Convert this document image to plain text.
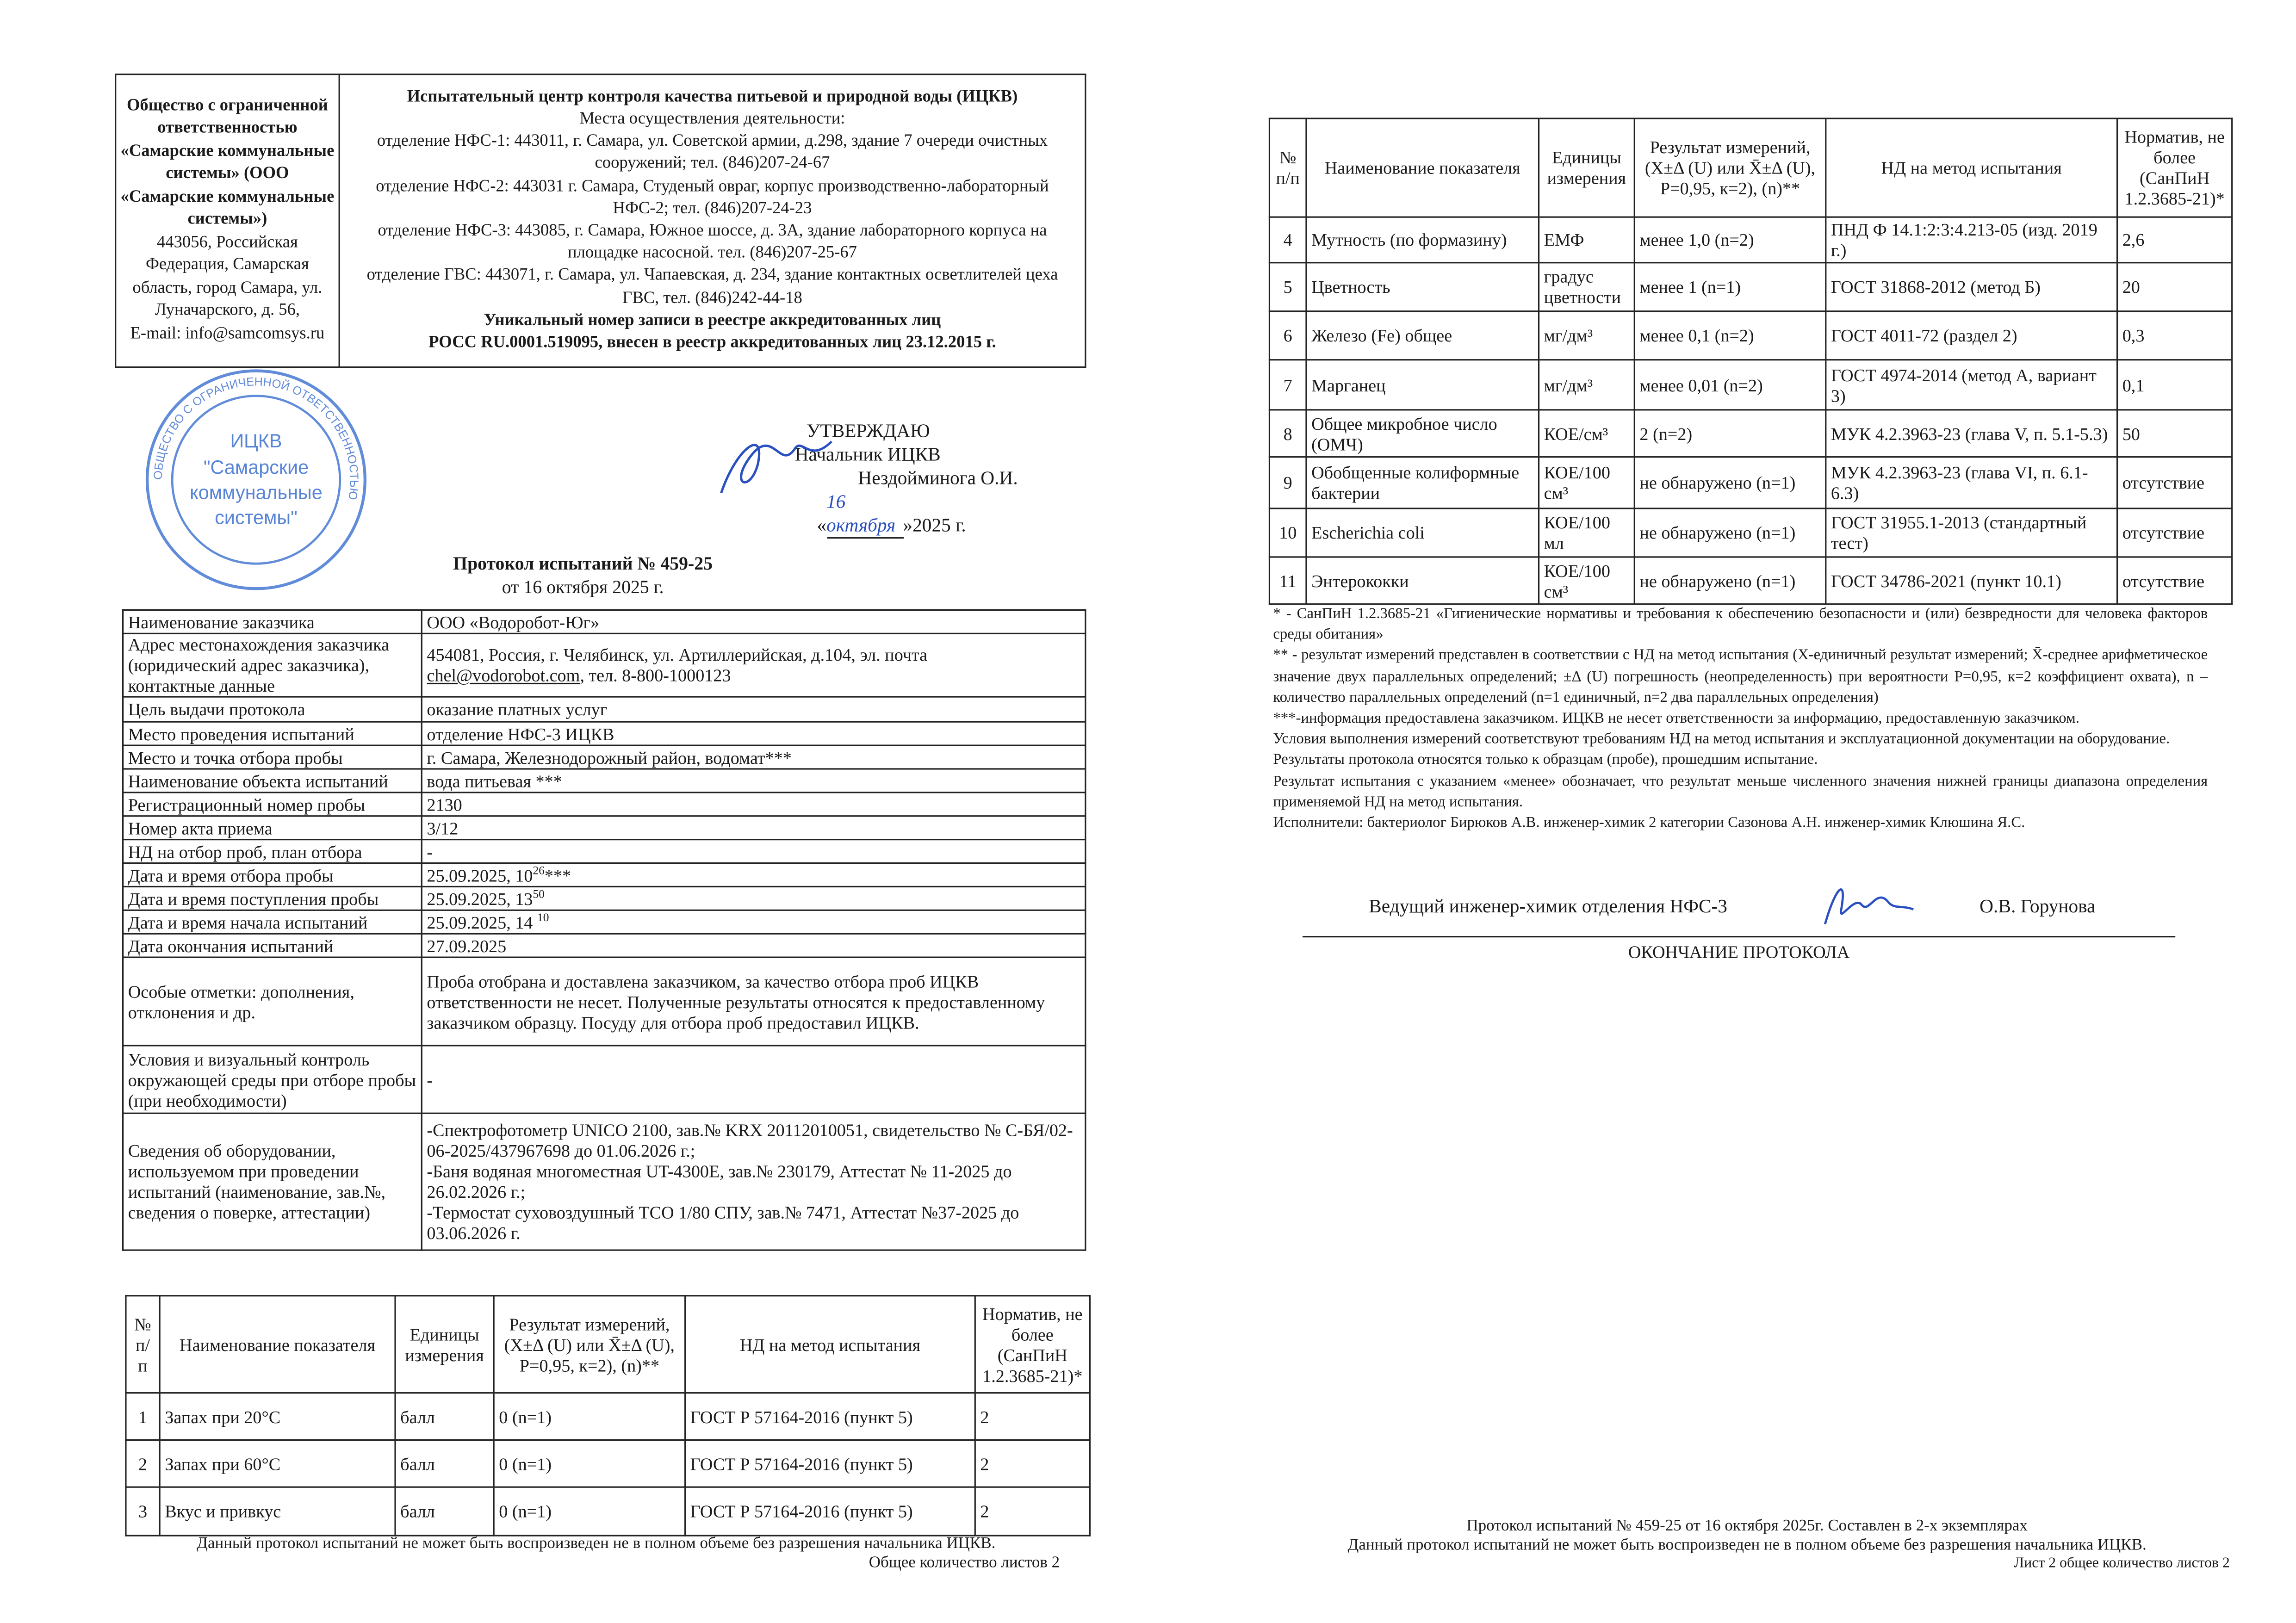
Общество с ограниченной ответственностью «Самарские коммунальные системы» (ООО «Самарские коммунальные системы»)
443056, Российская Федерация, Самарская область, город Самара, ул. Луначарского, д. 56,
E-mail: info@samcomsys.ru

Испытательный центр контроля качества питьевой и природной воды (ИЦКВ)
Места осуществления деятельности:
отделение НФС-1: 443011, г. Самара, ул. Советской армии, д.298, здание 7 очереди очистных сооружений; тел. (846)207-24-67
отделение НФС-2: 443031 г. Самара, Студеный овраг, корпус производственно-лабораторный НФС-2; тел. (846)207-24-23
отделение НФС-3: 443085, г. Самара, Южное шоссе, д. 3А, здание лабораторного корпуса на площадке насосной. тел. (846)207-25-67
отделение ГВС: 443071, г. Самара, ул. Чапаевская, д. 234, здание контактных осветлителей цеха ГВС, тел. (846)242-44-18
Уникальный номер записи в реестре аккредитованных лиц
РОСС RU.0001.519095, внесен в реестр аккредитованных лиц 23.12.2015 г.
ОБЩЕСТВО С ОГРАНИЧЕННОЙ ОТВЕТСТВЕННОСТЬЮ
ИЦКВ
"Самарские
коммунальные
системы"
УТВЕРЖДАЮ
Начальник ИЦКВ
Нездойминога О.И.
«16 октября »2025 г.
Протокол испытаний № 459-25
от 16 октября 2025 г.
Наименование заказчика	ООО «Водоробот-Юг»
Адрес местонахождения заказчика (юридический адрес заказчика), контактные данные	454081, Россия, г. Челябинск, ул. Артиллерийская, д.104, эл. почта
chel@vodorobot.com, тел. 8-800-1000123
Цель выдачи протокола	оказание платных услуг
Место проведения испытаний	отделение НФС-3 ИЦКВ
Место и точка отбора пробы	г. Самара, Железнодорожный район, водомат***
Наименование объекта испытаний	вода питьевая ***
Регистрационный номер пробы	2130
Номер акта приема	3/12
НД на отбор проб, план отбора	-
Дата и время отбора пробы	25.09.2025, $10^{26}***$
Дата и время поступления пробы	25.09.2025, $13^{50}$
Дата и время начала испытаний	25.09.2025, 14 $^{10}$
Дата окончания испытаний	27.09.2025
Особые отметки: дополнения, отклонения и др.	Проба отобрана и доставлена заказчиком, за качество отбора проб ИЦКВ ответственности не несет. Полученные результаты относятся к предоставленному заказчиком образцу. Посуду для отбора проб предоставил ИЦКВ.
Условия и визуальный контроль окружающей среды при отборе пробы (при необходимости)	-
Сведения об оборудовании, используемом при проведении испытаний (наименование, зав.№, сведения о поверке, аттестации)	-Спектрофотометр UNICO 2100, зав.№ KRX 20112010051, свидетельство № С-БЯ/02-06-2025/437967698 до 01.06.2026 г.;
-Баня водяная многоместная UT-4300E, зав.№ 230179, Аттестат № 11-2025 до 26.02.2026 г.;
-Термостат суховоздушный ТСО 1/80 СПУ, зав.№ 7471, Аттестат №37-2025 до 03.06.2026 г.
№ п/п	Наименование показателя	Единицы измерения	Результат измерений, (X±Δ (U) или X̄±Δ (U), P=0,95, к=2), (n)**	НД на метод испытания	Норматив, не более (СанПиН 1.2.3685-21)*
1	Запах при 20°С	балл	0 (n=1)	ГОСТ Р 57164-2016 (пункт 5)	2
2	Запах при 60°С	балл	0 (n=1)	ГОСТ Р 57164-2016 (пункт 5)	2
3	Вкус и привкус	балл	0 (n=1)	ГОСТ Р 57164-2016 (пункт 5)	2
Данный протокол испытаний не может быть воспроизведен не в полном объеме без разрешения начальника ИЦКВ.
Общее количество листов 2
№ п/п	Наименование показателя	Единицы измерения	Результат измерений, (X±Δ (U) или X̄±Δ (U), P=0,95, к=2), (n)**	НД на метод испытания	Норматив, не более (СанПиН 1.2.3685-21)*
4	Мутность (по формазину)	ЕМФ	менее 1,0 (n=2)	ПНД Ф 14.1:2:3:4.213-05 (изд. 2019 г.)	2,6
5	Цветность	градус цветности	менее 1 (n=1)	ГОСТ 31868-2012 (метод Б)	20
6	Железо (Fe) общее	мг/дм³	менее 0,1 (n=2)	ГОСТ 4011-72 (раздел 2)	0,3
7	Марганец	мг/дм³	менее 0,01 (n=2)	ГОСТ 4974-2014 (метод А, вариант 3)	0,1
8	Общее микробное число (ОМЧ)	КОЕ/см³	2 (n=2)	МУК 4.2.3963-23 (глава V, п. 5.1-5.3)	50
9	Обобщенные колиформные бактерии	КОЕ/100 см³	не обнаружено (n=1)	МУК 4.2.3963-23 (глава VI, п. 6.1-6.3)	отсутствие
10	Escherichia coli	КОЕ/100 мл	не обнаружено (n=1)	ГОСТ 31955.1-2013 (стандартный тест)	отсутствие
11	Энтерококки	КОЕ/100 см³	не обнаружено (n=1)	ГОСТ 34786-2021 (пункт 10.1)	отсутствие

* - СанПиН 1.2.3685-21 «Гигиенические нормативы и требования к обеспечению безопасности и (или) безвредности для человека факторов среды обитания»

** - результат измерений представлен в соответствии с НД на метод испытания (X-единичный результат измерений; X̄-среднее арифметическое значение двух параллельных определений; ±Δ (U) погрешность (неопределенность) при вероятности P=0,95, к=2 коэффициент охвата), n – количество параллельных определений (n=1 единичный, n=2 два параллельных определения)

***-информация предоставлена заказчиком. ИЦКВ не несет ответственности за информацию, предоставленную заказчиком.

Условия выполнения измерений соответствуют требованиям НД на метод испытания и эксплуатационной документации на оборудование.

Результаты протокола относятся только к образцам (пробе), прошедшим испытание.

Результат испытания с указанием «менее» обозначает, что результат меньше численного значения нижней границы диапазона определения применяемой НД на метод испытания.

Исполнители: бактериолог Бирюков А.В. инженер-химик 2 категории Сазонова А.Н. инженер-химик Клюшина Я.С.

Ведущий инженер-химик отделения НФС-3	О.В. Горунова
ОКОНЧАНИЕ ПРОТОКОЛА
Протокол испытаний № 459-25 от 16 октября 2025г. Составлен в 2-х экземплярах
Данный протокол испытаний не может быть воспроизведен не в полном объеме без разрешения начальника ИЦКВ.
Лист 2 общее количество листов 2
